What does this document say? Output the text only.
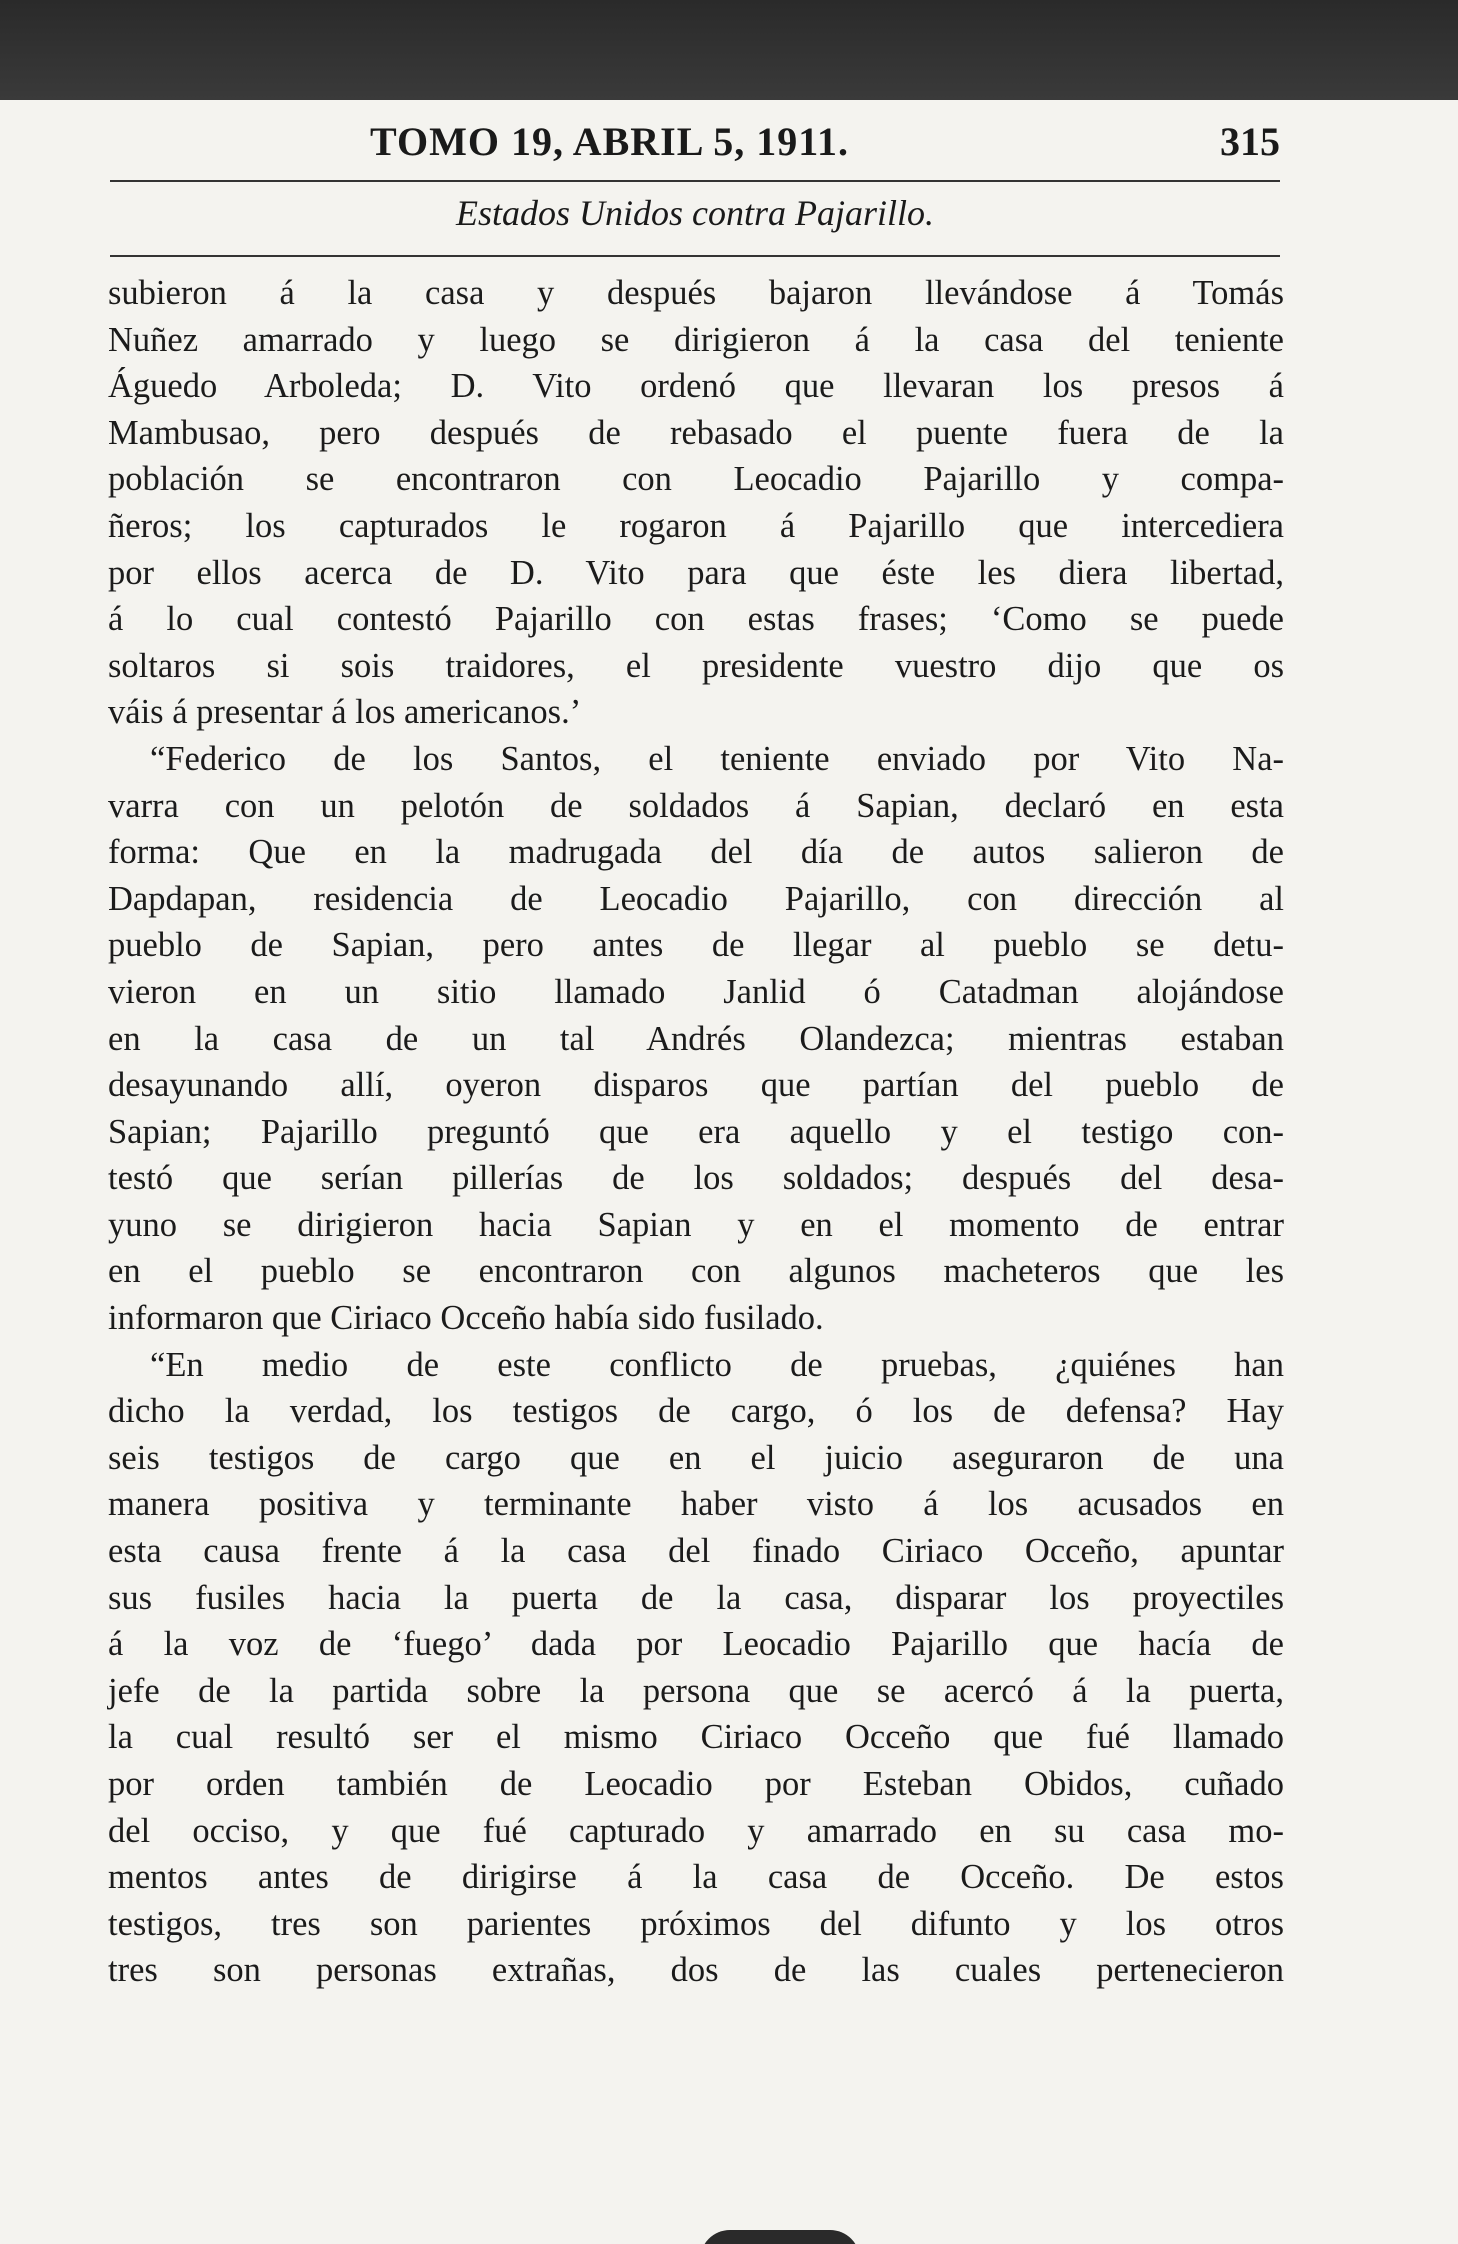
TOMO 19, ABRIL 5, 1911.	315
Estados Unidos contra Pajarillo.
subieron á la casa y después bajaron llevándose á Tomás
Nuñez amarrado y luego se dirigieron á la casa del teniente
Águedo Arboleda; D. Vito ordenó que llevaran los presos á
Mambusao, pero después de rebasado el puente fuera de la
población se encontraron con Leocadio Pajarillo y compa-
ñeros; los capturados le rogaron á Pajarillo que intercediera
por ellos acerca de D. Vito para que éste les diera libertad,
á lo cual contestó Pajarillo con estas frases; ‘Como se puede
soltaros si sois traidores, el presidente vuestro dijo que os
váis á presentar á los americanos.’
“Federico de los Santos, el teniente enviado por Vito Na-
varra con un pelotón de soldados á Sapian, declaró en esta
forma: Que en la madrugada del día de autos salieron de
Dapdapan, residencia de Leocadio Pajarillo, con dirección al
pueblo de Sapian, pero antes de llegar al pueblo se detu-
vieron en un sitio llamado Janlid ó Catadman alojándose
en la casa de un tal Andrés Olandezca; mientras estaban
desayunando allí, oyeron disparos que partían del pueblo de
Sapian; Pajarillo preguntó que era aquello y el testigo con-
testó que serían pillerías de los soldados; después del desa-
yuno se dirigieron hacia Sapian y en el momento de entrar
en el pueblo se encontraron con algunos macheteros que les
informaron que Ciriaco Occeño había sido fusilado.
“En medio de este conflicto de pruebas, ¿quiénes han
dicho la verdad, los testigos de cargo, ó los de defensa? Hay
seis testigos de cargo que en el juicio aseguraron de una
manera positiva y terminante haber visto á los acusados en
esta causa frente á la casa del finado Ciriaco Occeño, apuntar
sus fusiles hacia la puerta de la casa, disparar los proyectiles
á la voz de ‘fuego’ dada por Leocadio Pajarillo que hacía de
jefe de la partida sobre la persona que se acercó á la puerta,
la cual resultó ser el mismo Ciriaco Occeño que fué llamado
por orden también de Leocadio por Esteban Obidos, cuñado
del occiso, y que fué capturado y amarrado en su casa mo-
mentos antes de dirigirse á la casa de Occeño. De estos
testigos, tres son parientes próximos del difunto y los otros
tres son personas extrañas, dos de las cuales pertenecieron
